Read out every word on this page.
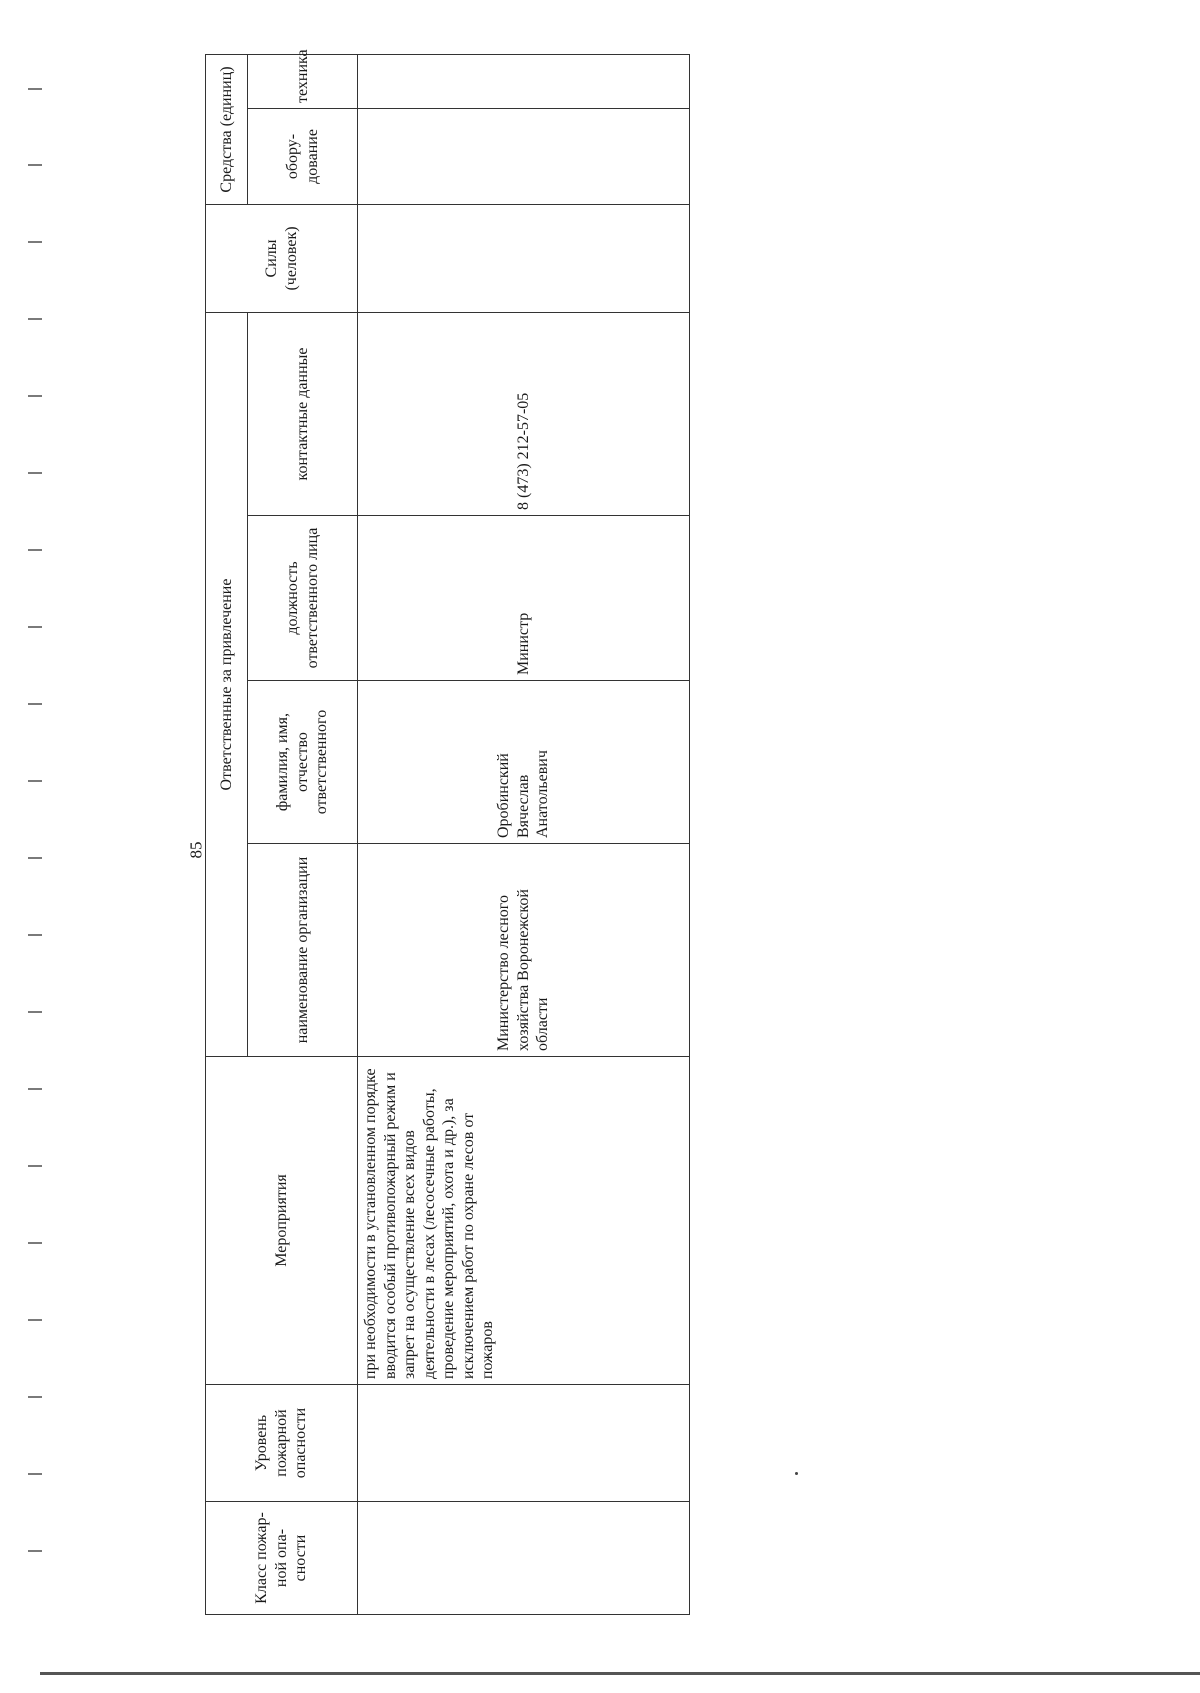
85
Класс пожар-ной опа-сности	Уровень пожарной опасности	Мероприятия	Ответственные за привлечение				Силы (человек)	Средства (единиц)	
			наименование организации	фамилия, имя, отчество ответственного	должность ответственного лица	контактные данные		обору-дование	техника

		при необходимости в установленном порядке вводится особый противопожарный режим и запрет на осуществление всех видов деятельности в лесах (лесосечные работы, проведение мероприятий, охота и др.), за исключением работ по охране лесов от пожаров	Министерство лесного хозяйства Воронежской области	Оробинский Вячеслав Анатольевич	Министр	8 (473) 212-57-05			
